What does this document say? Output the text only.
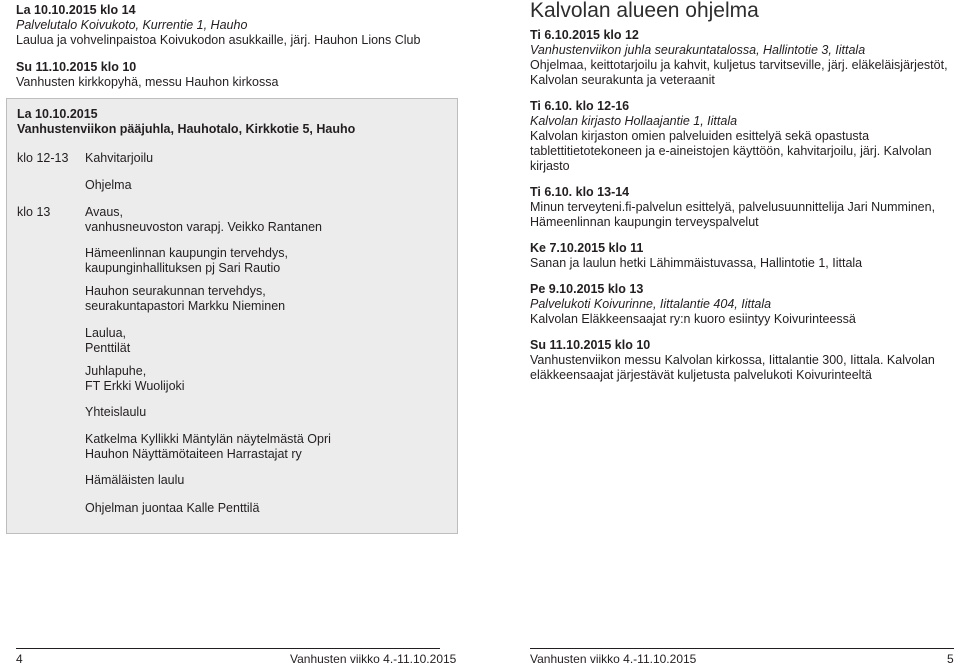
La 10.10.2015 klo 14
Palvelutalo Koivukoto, Kurrentie 1, Hauho
Laulua ja vohvelinpaistoa Koivukodon asukkaille, järj. Hauhon Lions Club
Su 11.10.2015 klo 10
Vanhusten kirkkopyhä, messu Hauhon kirkossa
La 10.10.2015
Vanhustenviikon pääjuhla, Hauhotalo, Kirkkotie 5, Hauho
klo 12-13 Kahvitarjoilu
Ohjelma
klo 13	Avaus,
vanhusneuvoston varapj. Veikko Rantanen
Hämeenlinnan kaupungin tervehdys,
kaupunginhallituksen pj Sari Rautio
Hauhon seurakunnan tervehdys,
seurakuntapastori Markku Nieminen
Laulua,
Penttilät
Juhlapuhe,
FT Erkki Wuolijoki
Yhteislaulu
Katkelma Kyllikki Mäntylän näytelmästä Opri
Hauhon Näyttämötaiteen Harrastajat ry
Hämäläisten laulu
Ohjelman juontaa Kalle Penttilä
Kalvolan alueen ohjelma
Ti 6.10.2015 klo 12
Vanhustenviikon juhla seurakuntatalossa, Hallintotie 3, Iittala
Ohjelmaa, keittotarjoilu ja kahvit, kuljetus tarvitseville, järj. eläkeläisjärjestöt,
Kalvolan seurakunta ja veteraanit
Ti 6.10. klo 12-16
Kalvolan kirjasto Hollaajantie 1, Iittala
Kalvolan kirjaston omien palveluiden esittelyä sekä opastusta
tablettitietotekoneen ja e-aineistojen käyttöön, kahvitarjoilu, järj. Kalvolan
kirjasto
Ti 6.10. klo 13-14
Minun terveyteni.fi-palvelun esittelyä, palvelusuunnittelija Jari Numminen,
Hämeenlinnan kaupungin terveyspalvelut
Ke 7.10.2015 klo 11
Sanan ja laulun hetki Lähimmäistuvassa, Hallintotie 1, Iittala
Pe 9.10.2015 klo 13
Palvelukoti Koivurinne, Iittalantie 404, Iittala
Kalvolan Eläkkeensaajat ry:n kuoro esiintyy Koivurinteessä
Su 11.10.2015 klo 10
Vanhustenviikon messu Kalvolan kirkossa, Iittalantie 300, Iittala. Kalvolan
eläkkeensaajat järjestävät kuljetusta palvelukoti Koivurinteeltä
4	Vanhusten viikko 4.-11.10.2015	Vanhusten viikko 4.-11.10.2015	5
